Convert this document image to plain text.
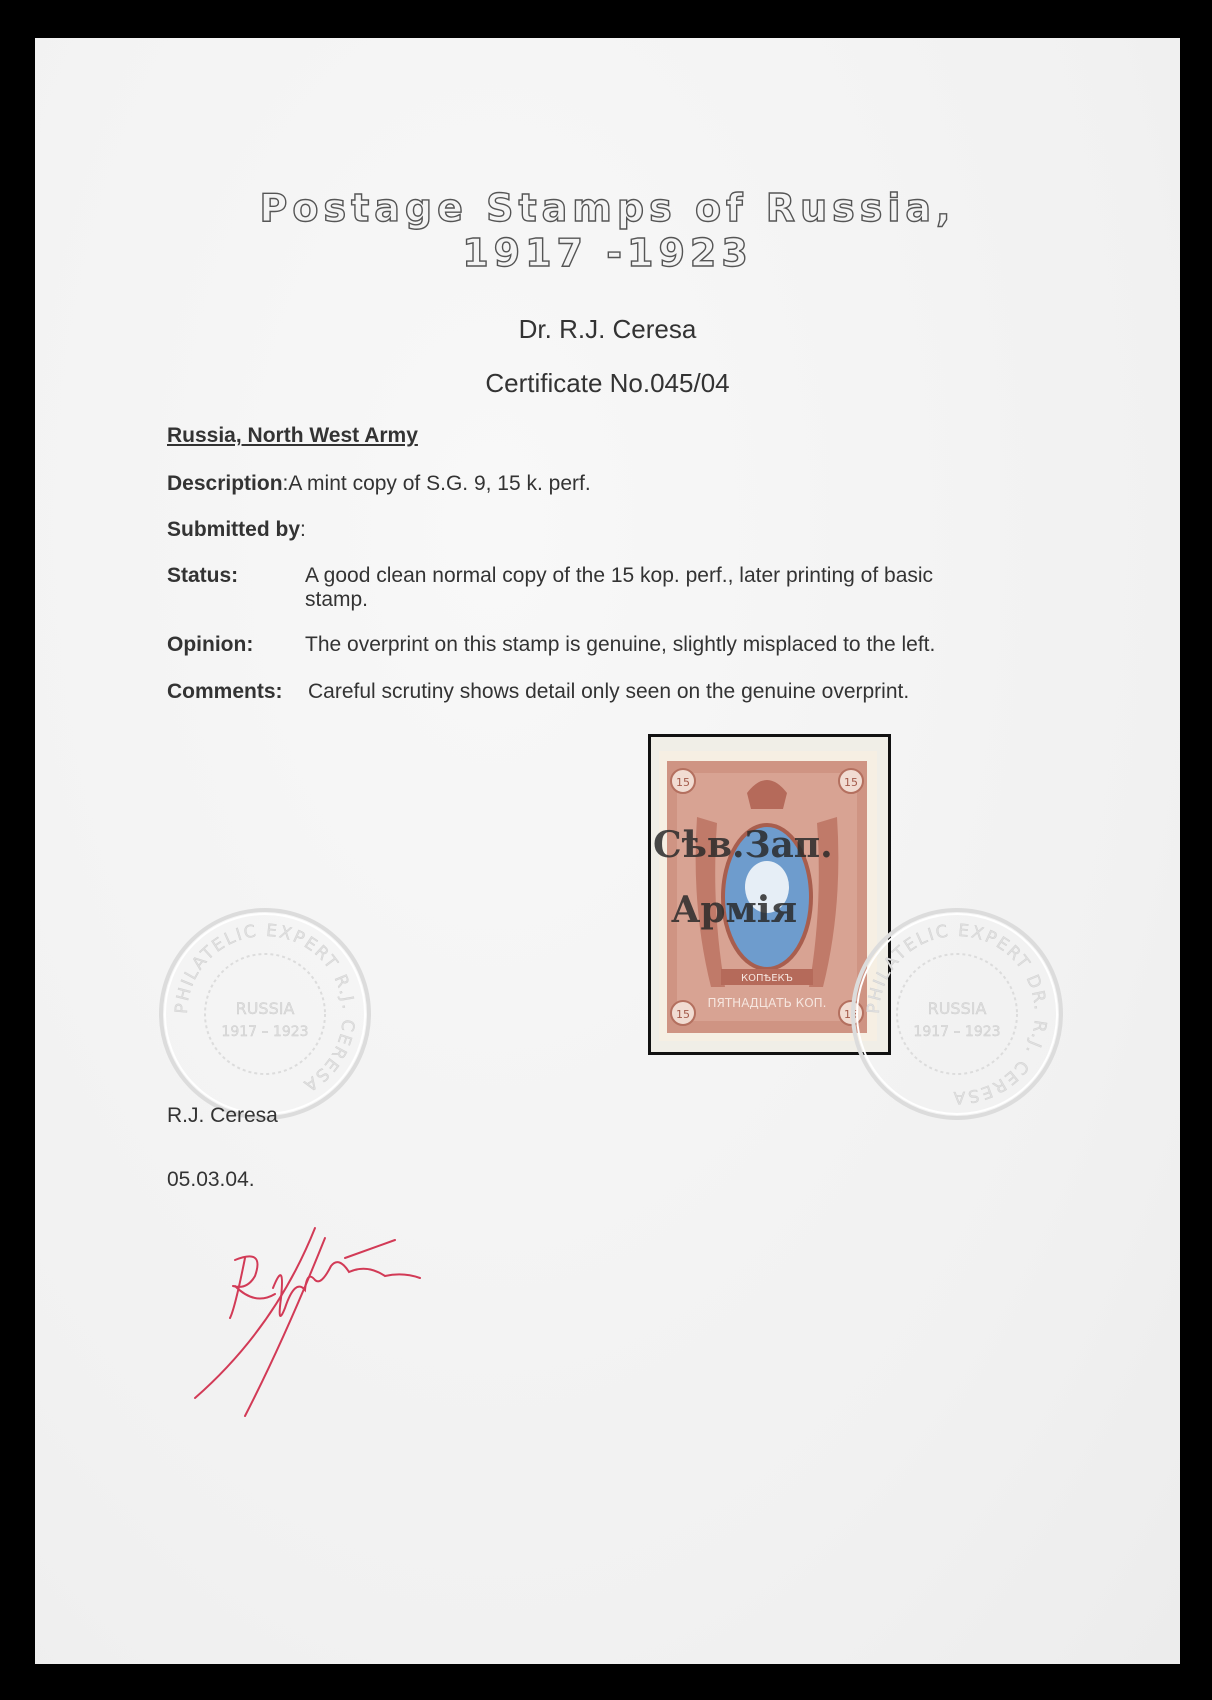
Postage Stamps of Russia,
1917 -1923
Dr. R.J. Ceresa
Certificate No.045/04
Russia, North West Army
Description:A mint copy of S.G. 9, 15 k. perf.
Submitted by:
Status:	A good clean normal copy of the 15 kop. perf., later printing of basic stamp.
Opinion: The overprint on this stamp is genuine, slightly misplaced to the left.
Comments: Careful scrutiny shows detail only seen on the genuine overprint.
15	15
15	15
КОПѢЕКЪ
ПЯТНАДЦАТЬ КОП.
Сѣв.Зап.
Армія
PHILATELIC EXPERT R.J. CERESA
RUSSIA
1917 – 1923
PHILATELIC EXPERT DR. R.J. CERESA
RUSSIA
1917 – 1923
R.J. Ceresa
05.03.04.
